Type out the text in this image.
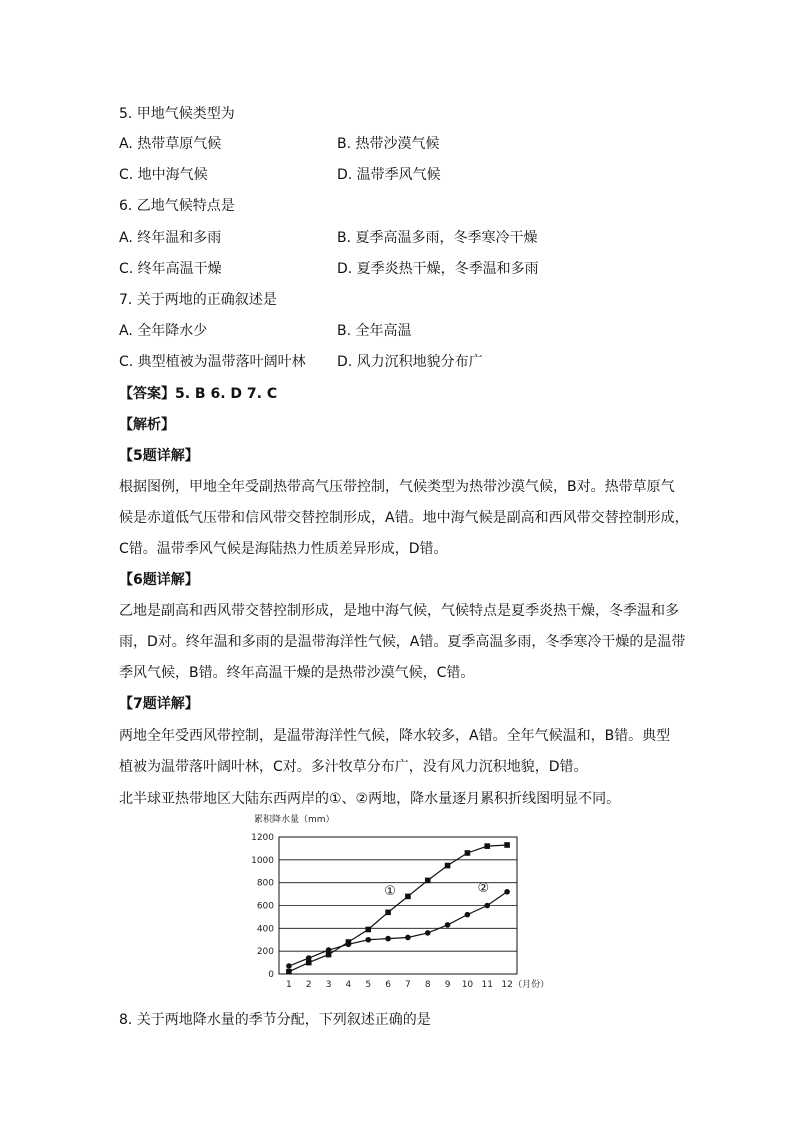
5. 甲地气候类型为
A. 热带草原气候	B. 热带沙漠气候
C. 地中海气候	D. 温带季风气候
6. 乙地气候特点是
A. 终年温和多雨	B. 夏季高温多雨，冬季寒冷干燥
C. 终年高温干燥	D. 夏季炎热干燥，冬季温和多雨
7. 关于两地的正确叙述是
A. 全年降水少	B. 全年高温
C. 典型植被为温带落叶阔叶林 D. 风力沉积地貌分布广
【答案】5. B 6. D 7. C
【解析】
【5题详解】
根据图例，甲地全年受副热带高气压带控制，气候类型为热带沙漠气候，B对。热带草原气
候是赤道低气压带和信风带交替控制形成，A错。地中海气候是副高和西风带交替控制形成，
C错。温带季风气候是海陆热力性质差异形成，D错。
【6题详解】
乙地是副高和西风带交替控制形成，是地中海气候，气候特点是夏季炎热干燥，冬季温和多
雨，D对。终年温和多雨的是温带海洋性气候，A错。夏季高温多雨，冬季寒冷干燥的是温带
季风气候，B错。终年高温干燥的是热带沙漠气候，C错。
【7题详解】
两地全年受西风带控制，是温带海洋性气候，降水较多，A错。全年气候温和，B错。典型
植被为温带落叶阔叶林，C对。多汁牧草分布广，没有风力沉积地貌，D错。
北半球亚热带地区大陆东西两岸的①、②两地，降水量逐月累积折线图明显不同。
累积降水量（mm）
0
200
400
600
800
1000
1200
1 2 3 4 5 6 7 8 9 10 11 12 （月份）
①	②
8. 关于两地降水量的季节分配，下列叙述正确的是
